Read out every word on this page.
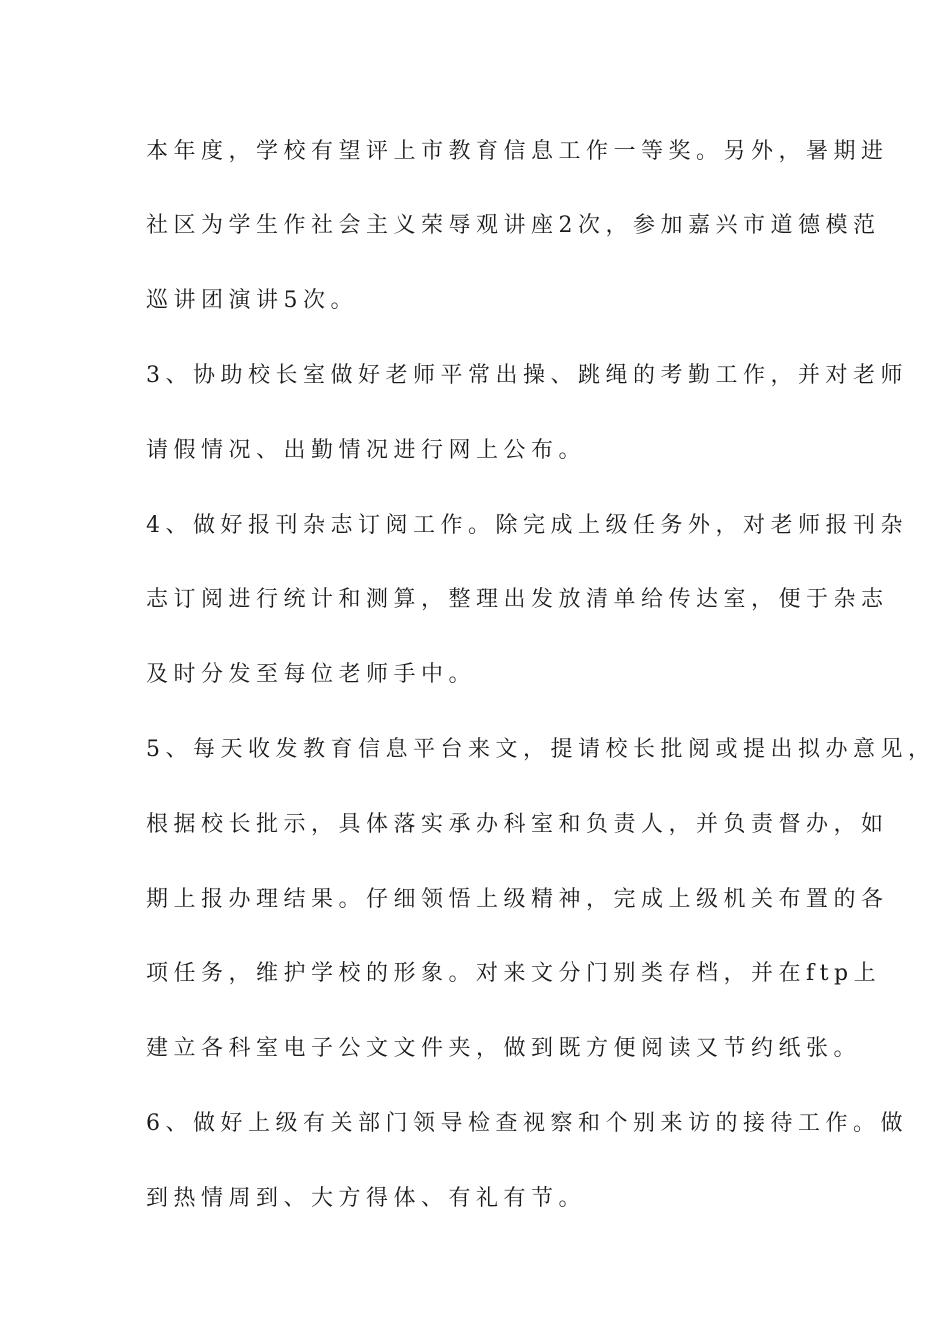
本年度，学校有望评上市教育信息工作一等奖。另外，暑期进
社区为学生作社会主义荣辱观讲座2次，参加嘉兴市道德模范
巡讲团演讲5次。
3、协助校长室做好老师平常出操、跳绳的考勤工作，并对老师
请假情况、出勤情况进行网上公布。
4、做好报刊杂志订阅工作。除完成上级任务外，对老师报刊杂
志订阅进行统计和测算，整理出发放清单给传达室，便于杂志
及时分发至每位老师手中。
5、每天收发教育信息平台来文，提请校长批阅或提出拟办意见，
根据校长批示，具体落实承办科室和负责人，并负责督办，如
期上报办理结果。仔细领悟上级精神，完成上级机关布置的各
项任务，维护学校的形象。对来文分门别类存档，并在ftp上
建立各科室电子公文文件夹，做到既方便阅读又节约纸张。
6、做好上级有关部门领导检查视察和个别来访的接待工作。做
到热情周到、大方得体、有礼有节。
